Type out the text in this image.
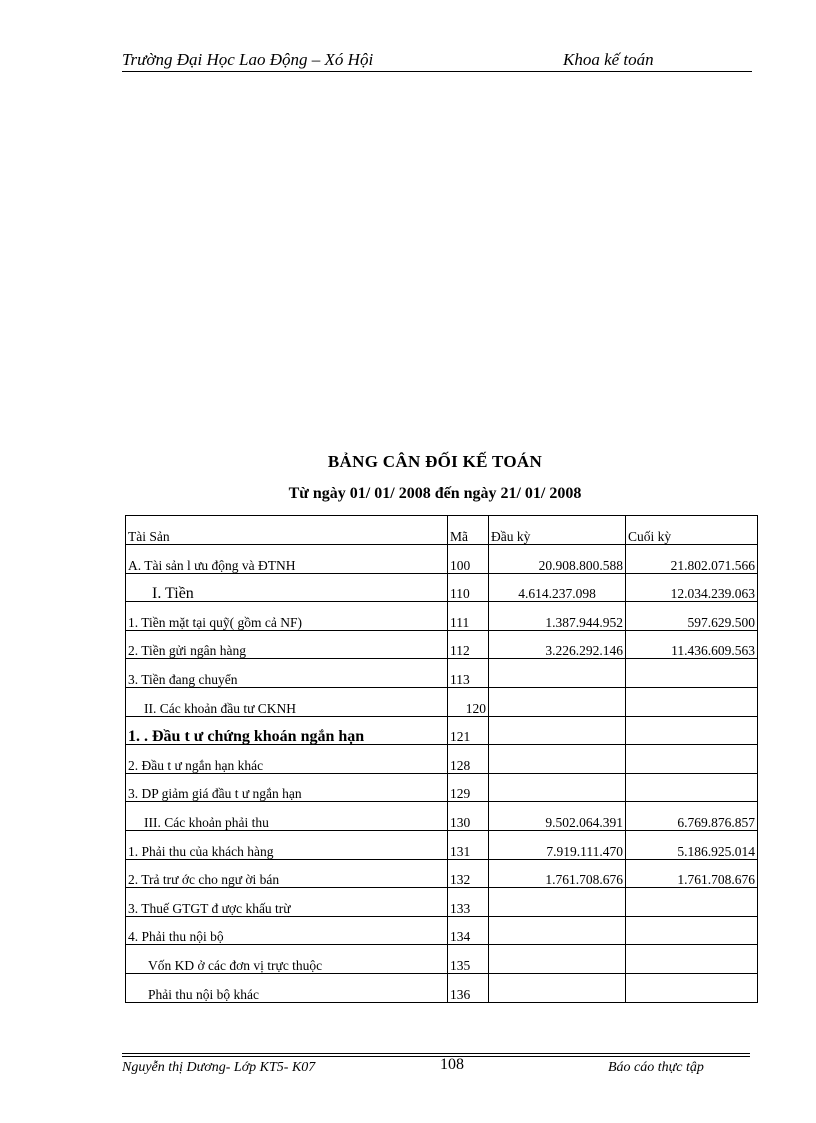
Trường Đại Học Lao Động – Xó Hội	Khoa kế toán
BẢNG CÂN ĐỐI KẾ TOÁN
Từ ngày 01/ 01/ 2008 đến ngày 21/ 01/ 2008
Tài Sản	Mã	Đầu kỳ	Cuối kỳ
A. Tài sản l ưu động và ĐTNH	100	20.908.800.588	21.802.071.566
I. Tiền	110	4.614.237.098	12.034.239.063
1. Tiền mặt tại quỹ( gồm cả NF)	111	1.387.944.952	597.629.500
2. Tiền gửi ngân hàng	112	3.226.292.146	11.436.609.563
3. Tiền đang chuyển	113		
II. Các khoản đầu tư CKNH	120		
1. . Đầu t ư chứng khoán ngắn hạn	121		
2. Đầu t ư ngắn hạn khác	128		
3. DP giảm giá đầu t ư ngắn hạn	129		
III. Các khoản phải thu	130	9.502.064.391	6.769.876.857
1. Phải thu của khách hàng	131	7.919.111.470	5.186.925.014
2. Trả trư ớc cho ngư ời bán	132	1.761.708.676	1.761.708.676
3. Thuế GTGT đ ược khấu trừ	133		
4. Phải thu nội bộ	134		
Vốn KD ở các đơn vị trực thuộc	135		
Phải thu nội bộ khác	136		
Nguyễn thị Dương- Lớp KT5- K07	108	Báo cáo thực tập
